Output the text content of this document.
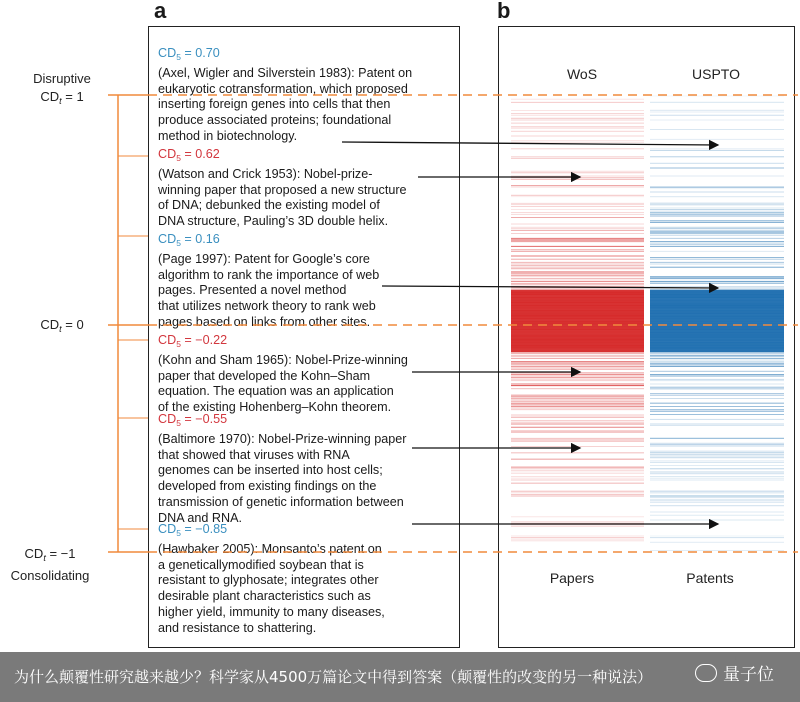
a	b
Disruptive
$CD_t = 1$
$CD_t = 0$
$CD_t = -1$
Consolidating
$CD_5 = 0.70$
(Axel, Wigler and Silverstein 1983): Patent on
eukaryotic cotransformation, which proposed
inserting foreign genes into cells that then
produce associated proteins; foundational
method in biotechnology.
$CD_5 = 0.62$
(Watson and Crick 1953): Nobel-prize-
winning paper that proposed a new structure
of DNA; debunked the existing model of
DNA structure, Pauling’s 3D double helix.
$CD_5 = 0.16$
(Page 1997): Patent for Google’s core
algorithm to rank the importance of web
pages. Presented a novel method
that utilizes network theory to rank web
pages based on links from other sites.
$CD_5 = -0.22$
(Kohn and Sham 1965): Nobel-Prize-winning
paper that developed the Kohn–Sham
equation. The equation was an application
of the existing Hohenberg–Kohn theorem.
$CD_5 = -0.55$
(Baltimore 1970): Nobel-Prize-winning paper
that showed that viruses with RNA
genomes can be inserted into host cells;
developed from existing findings on the
transmission of genetic information between
DNA and RNA.
$CD_5 = -0.85$
(Hawbaker 2005): Monsanto’s patent on
a geneticallymodified soybean that is
resistant to glyphosate; integrates other
desirable plant characteristics such as
higher yield, immunity to many diseases,
and resistance to shattering.
WoS	USPTO
Papers	Patents
为什么颠覆性研究越来越少？科学家从4500万篇论文中得到答案（颠覆性的改变的另一种说法）	量子位
